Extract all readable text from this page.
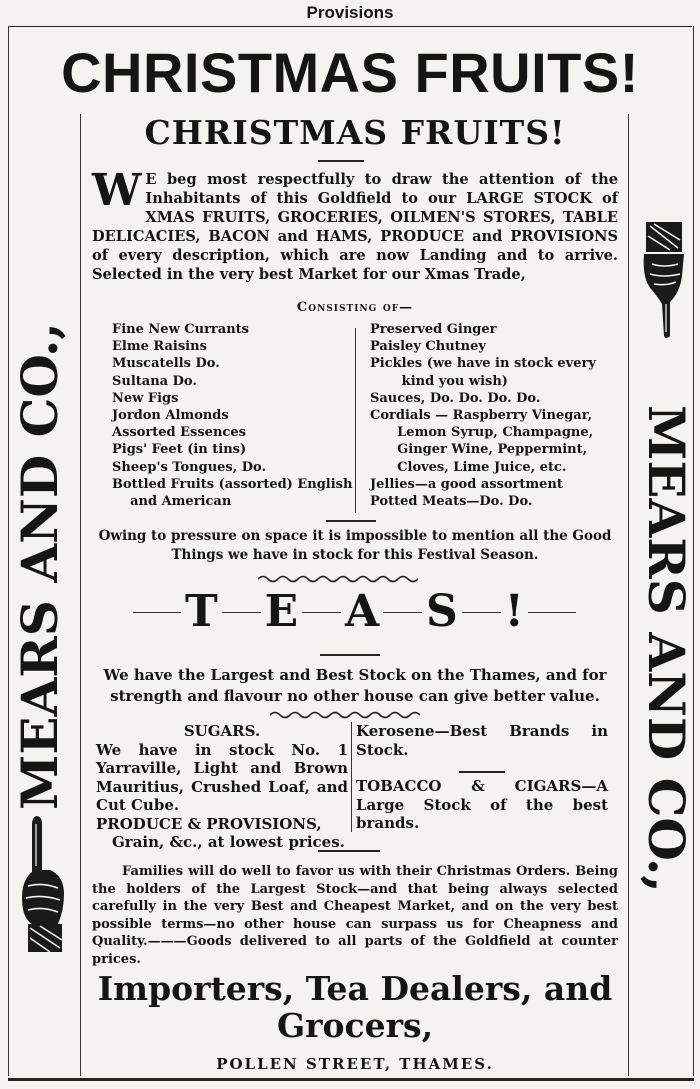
Provisions
CHRISTMAS FRUITS!
MEARS AND CO.,	MEARS AND CO.,
CHRISTMAS FRUITS!
W E beg most respectfully to draw the attention of the Inhabitants of this Goldfield to our LARGE STOCK of XMAS FRUITS, GROCERIES, OILMEN'S STORES, TABLE DELICACIES, BACON and HAMS, PRODUCE and PROVISIONS of every description, which are now Landing and to arrive. Selected in the very best Market for our Xmas Trade,
Consisting of—
Fine New Currants
Elme Raisins
Muscatells Do.
Sultana Do.
New Figs
Jordon Almonds
Assorted Essences
Pigs' Feet (in tins)
Sheep's Tongues, Do.
Bottled Fruits (assorted) English
and American
Preserved Ginger
Paisley Chutney
Pickles (we have in stock every
kind you wish)
Sauces, Do. Do. Do. Do.
Cordials — Raspberry Vinegar,
Lemon Syrup, Champagne,
Ginger Wine, Peppermint,
Cloves, Lime Juice, etc.
Jellies—a good assortment
Potted Meats—Do. Do.
Owing to pressure on space it is impossible to mention all the Good Things we have in stock for this Festival Season.
T E A S !
We have the Largest and Best Stock on the Thames, and for strength and flavour no other house can give better value.
SUGARS.
We have in stock No. 1 Yarraville, Light and Brown Mauritius, Crushed Loaf, and Cut Cube.
PRODUCE & PROVISIONS,
Grain, &c., at lowest prices.
Kerosene—Best Brands in Stock.
TOBACCO & CIGARS—A Large Stock of the best brands.
Families will do well to favor us with their Christmas Orders. Being the holders of the Largest Stock—and that being always selected carefully in the very Best and Cheapest Market, and on the very best possible terms—no other house can surpass us for Cheapness and Quality.———Goods delivered to all parts of the Goldfield at counter prices.
Importers, Tea Dealers, and Grocers,
POLLEN STREET, THAMES.
